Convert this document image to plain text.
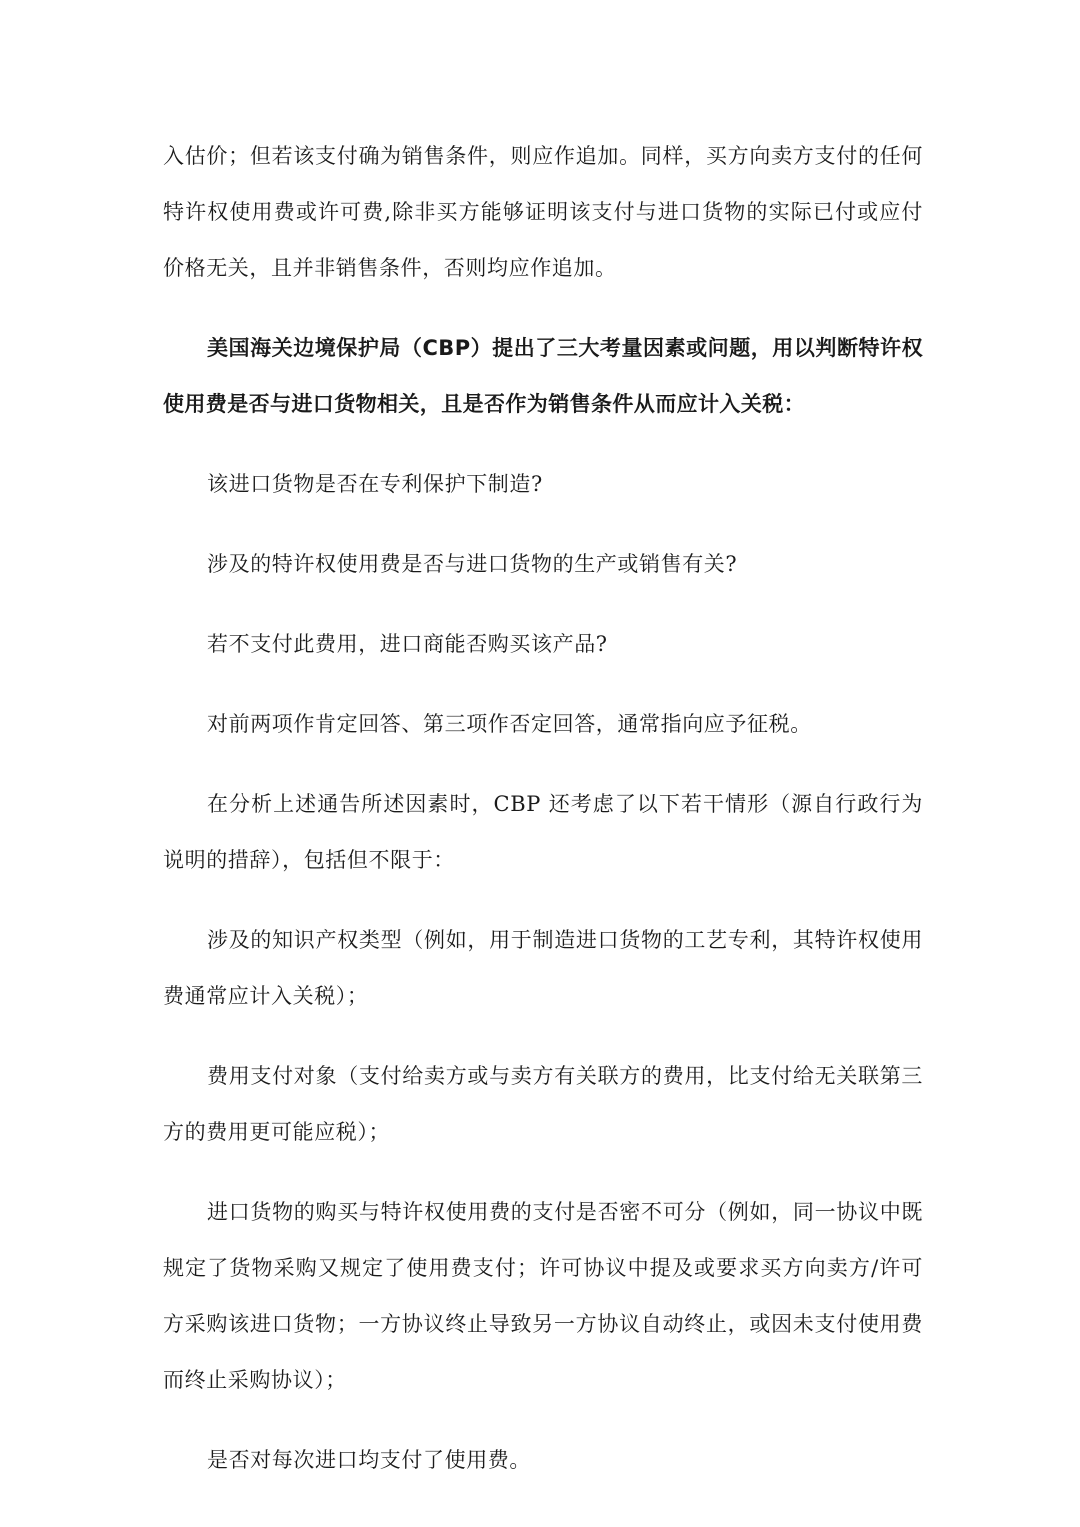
入估价；但若该支付确为销售条件，则应作追加。同样，买方向卖方支付的任何特许权使用费或许可费,除非买方能够证明该支付与进口货物的实际已付或应付价格无关，且并非销售条件，否则均应作追加。

美国海关边境保护局（CBP）提出了三大考量因素或问题，用以判断特许权使用费是否与进口货物相关，且是否作为销售条件从而应计入关税：

该进口货物是否在专利保护下制造?

涉及的特许权使用费是否与进口货物的生产或销售有关?

若不支付此费用，进口商能否购买该产品?

对前两项作肯定回答、第三项作否定回答，通常指向应予征税。

在分析上述通告所述因素时，CBP 还考虑了以下若干情形（源自行政行为说明的措辞），包括但不限于：

涉及的知识产权类型（例如，用于制造进口货物的工艺专利，其特许权使用费通常应计入关税）；

费用支付对象（支付给卖方或与卖方有关联方的费用，比支付给无关联第三方的费用更可能应税）；

进口货物的购买与特许权使用费的支付是否密不可分（例如，同一协议中既规定了货物采购又规定了使用费支付；许可协议中提及或要求买方向卖方/许可方采购该进口货物；一方协议终止导致另一方协议自动终止，或因未支付使用费而终止采购协议）；

是否对每次进口均支付了使用费。
